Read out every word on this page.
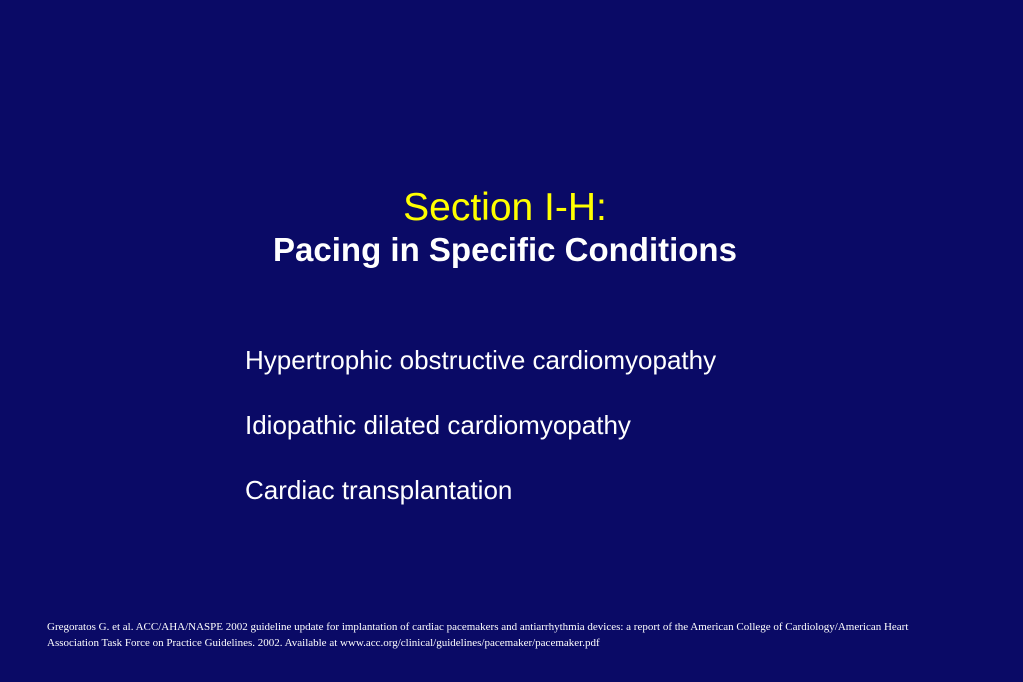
Section I-H:
Pacing in Specific Conditions
Hypertrophic obstructive cardiomyopathy
Idiopathic dilated cardiomyopathy
Cardiac transplantation

Gregoratos G. et al. ACC/AHA/NASPE 2002 guideline update for implantation of cardiac pacemakers and antiarrhythmia devices: a report of the American College of Cardiology/American Heart Association Task Force on Practice Guidelines. 2002. Available at www.acc.org/clinical/guidelines/pacemaker/pacemaker.pdf
